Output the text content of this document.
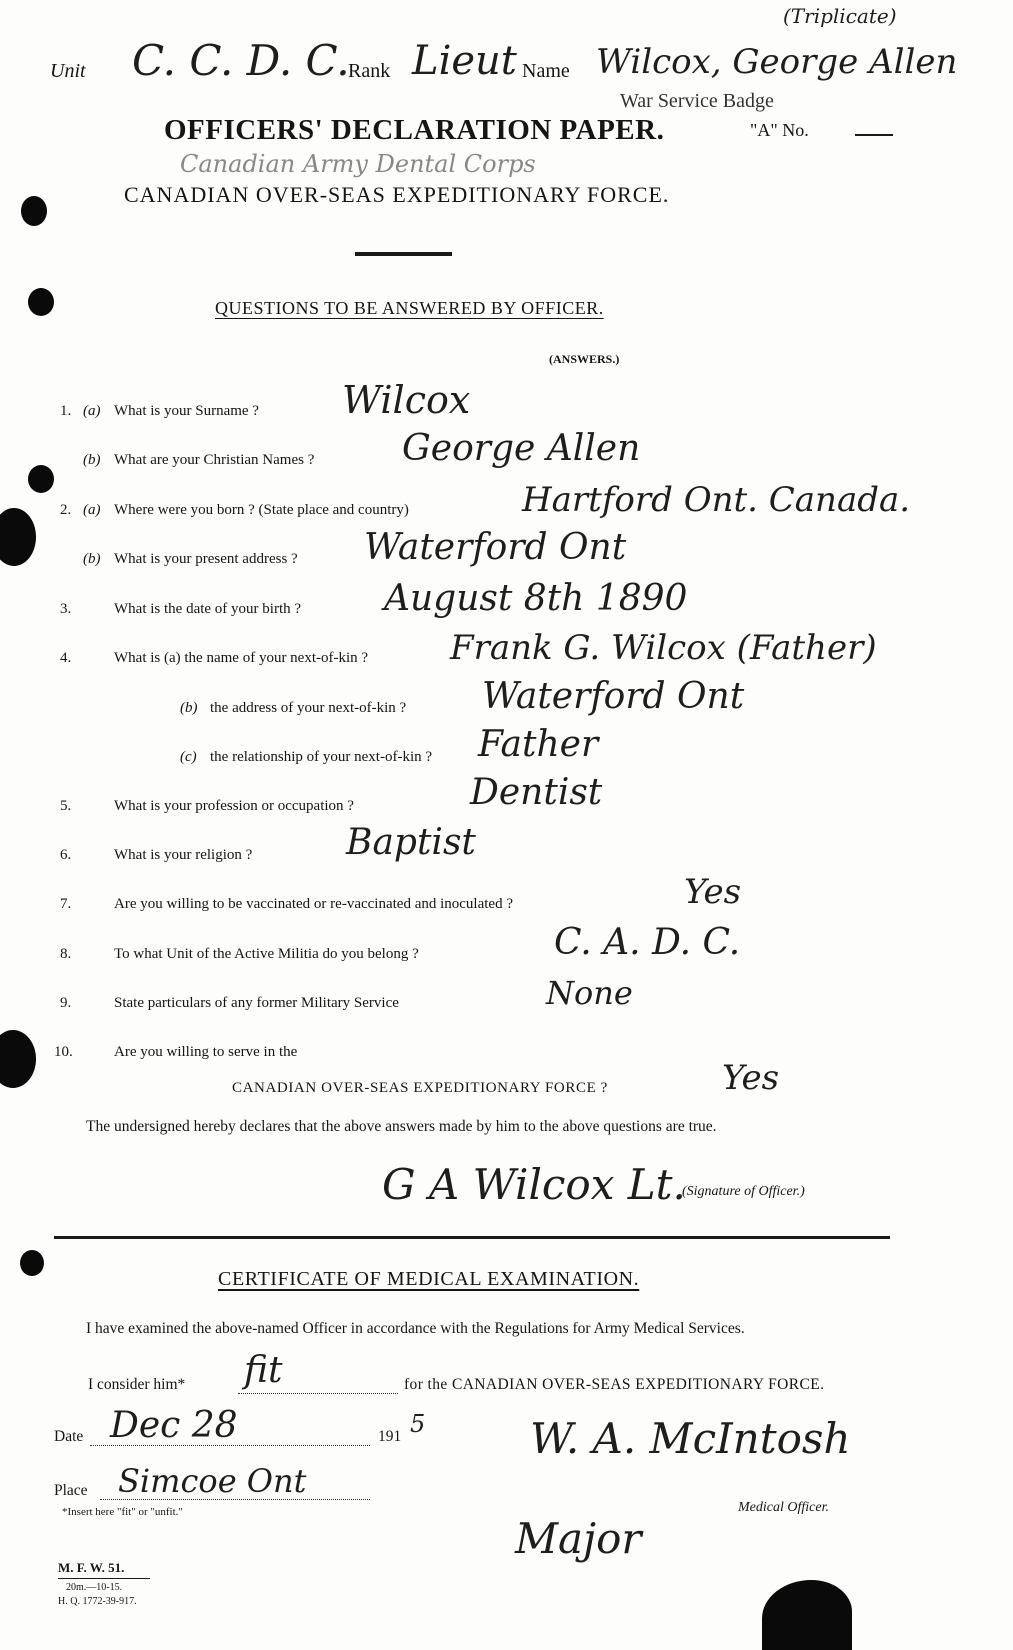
(Triplicate)
Unit C. C. D. C.
Rank Lieut Name Wilcox, George Allen
War Service Badge
"A" No.
OFFICERS' DECLARATION PAPER.
Canadian Army Dental Corps
CANADIAN OVER-SEAS EXPEDITIONARY FORCE.
QUESTIONS TO BE ANSWERED BY OFFICER.
(ANSWERS.)
1. (a) What is your Surname ? Wilcox
(b) What are your Christian Names ? George Allen
2. (a) Where were you born ? (State place and country)	Hartford Ont. Canada.
(b) What is your present address ? Waterford Ont
3.	What is the date of your birth ? August 8th 1890
4.	What is (a) the name of your next-of-kin ? Frank G. Wilcox (Father)
(b) the address of your next-of-kin ? Waterford Ont
(c) the relationship of your next-of-kin ? Father
5.	What is your profession or occupation ?	Dentist
6.	What is your religion ?	Baptist
7.	Are you willing to be vaccinated or re-vaccinated and inoculated ?	Yes
8.	To what Unit of the Active Militia do you belong ?	C. A. D. C.
9.	State particulars of any former Military Service	None
10.	Are you willing to serve in the
CANADIAN OVER-SEAS EXPEDITIONARY FORCE ?	Yes
The undersigned hereby declares that the above answers made by him to the above questions are true.
G A Wilcox Lt.
(Signature of Officer.)
CERTIFICATE OF MEDICAL EXAMINATION.
I have examined the above-named Officer in accordance with the Regulations for Army Medical Services.
I consider him* fit	for the CANADIAN OVER-SEAS EXPEDITIONARY FORCE.
Date Dec 28	191 5
Place Simcoe Ont
*Insert here "fit" or "unfit."
W. A. McIntosh
Major
Medical Officer.
M. F. W. 51.
20m.—10-15.
H. Q. 1772-39-917.
